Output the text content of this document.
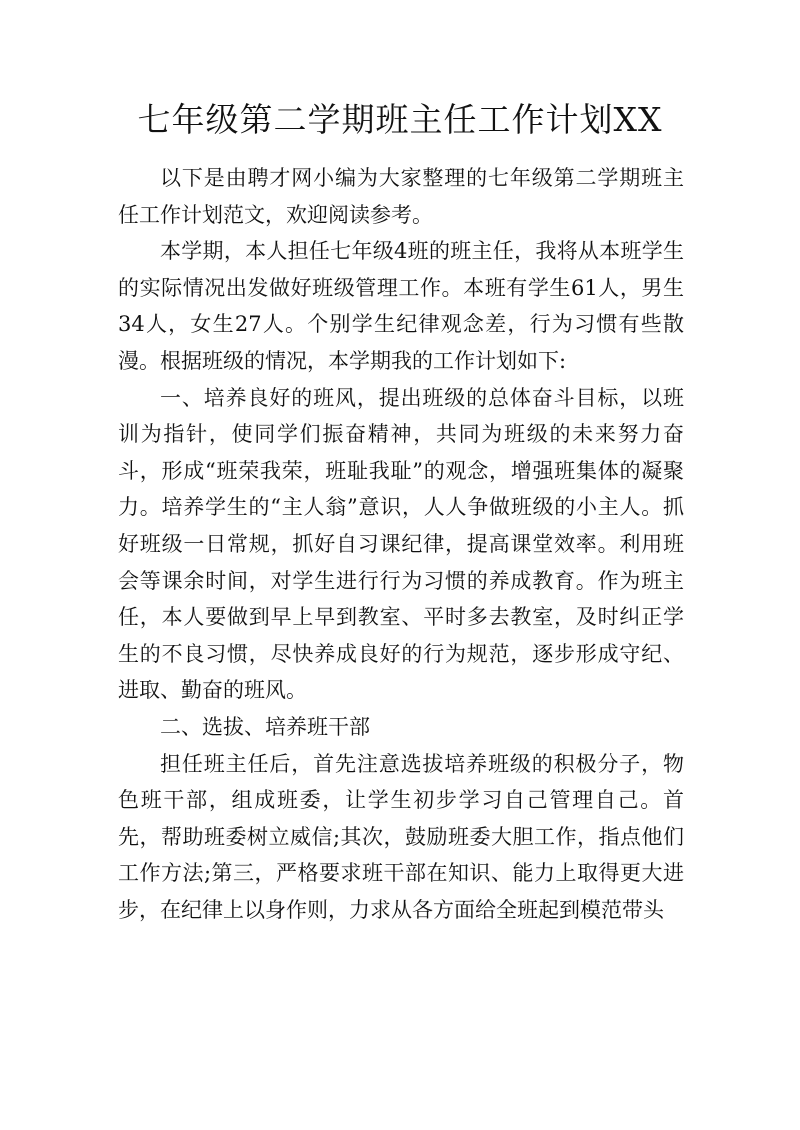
七年级第二学期班主任工作计划XX

以下是由聘才网小编为大家整理的七年级第二学期班主任工作计划范文，欢迎阅读参考。

本学期，本人担任七年级4班的班主任，我将从本班学生的实际情况出发做好班级管理工作。本班有学生61人，男生34人，女生27人。个别学生纪律观念差，行为习惯有些散漫。根据班级的情况，本学期我的工作计划如下:

一、培养良好的班风，提出班级的总体奋斗目标，以班训为指针，使同学们振奋精神，共同为班级的未来努力奋斗，形成“班荣我荣，班耻我耻”的观念，增强班集体的凝聚力。培养学生的“主人翁”意识，人人争做班级的小主人。抓好班级一日常规，抓好自习课纪律，提高课堂效率。利用班会等课余时间，对学生进行行为习惯的养成教育。作为班主任，本人要做到早上早到教室、平时多去教室，及时纠正学生的不良习惯，尽快养成良好的行为规范，逐步形成守纪、进取、勤奋的班风。

二、选拔、培养班干部

担任班主任后，首先注意选拔培养班级的积极分子，物色班干部，组成班委，让学生初步学习自己管理自己。首先，帮助班委树立威信;其次，鼓励班委大胆工作，指点他们工作方法;第三，严格要求班干部在知识、能力上取得更大进步，在纪律上以身作则，力求从各方面给全班起到模范带头
